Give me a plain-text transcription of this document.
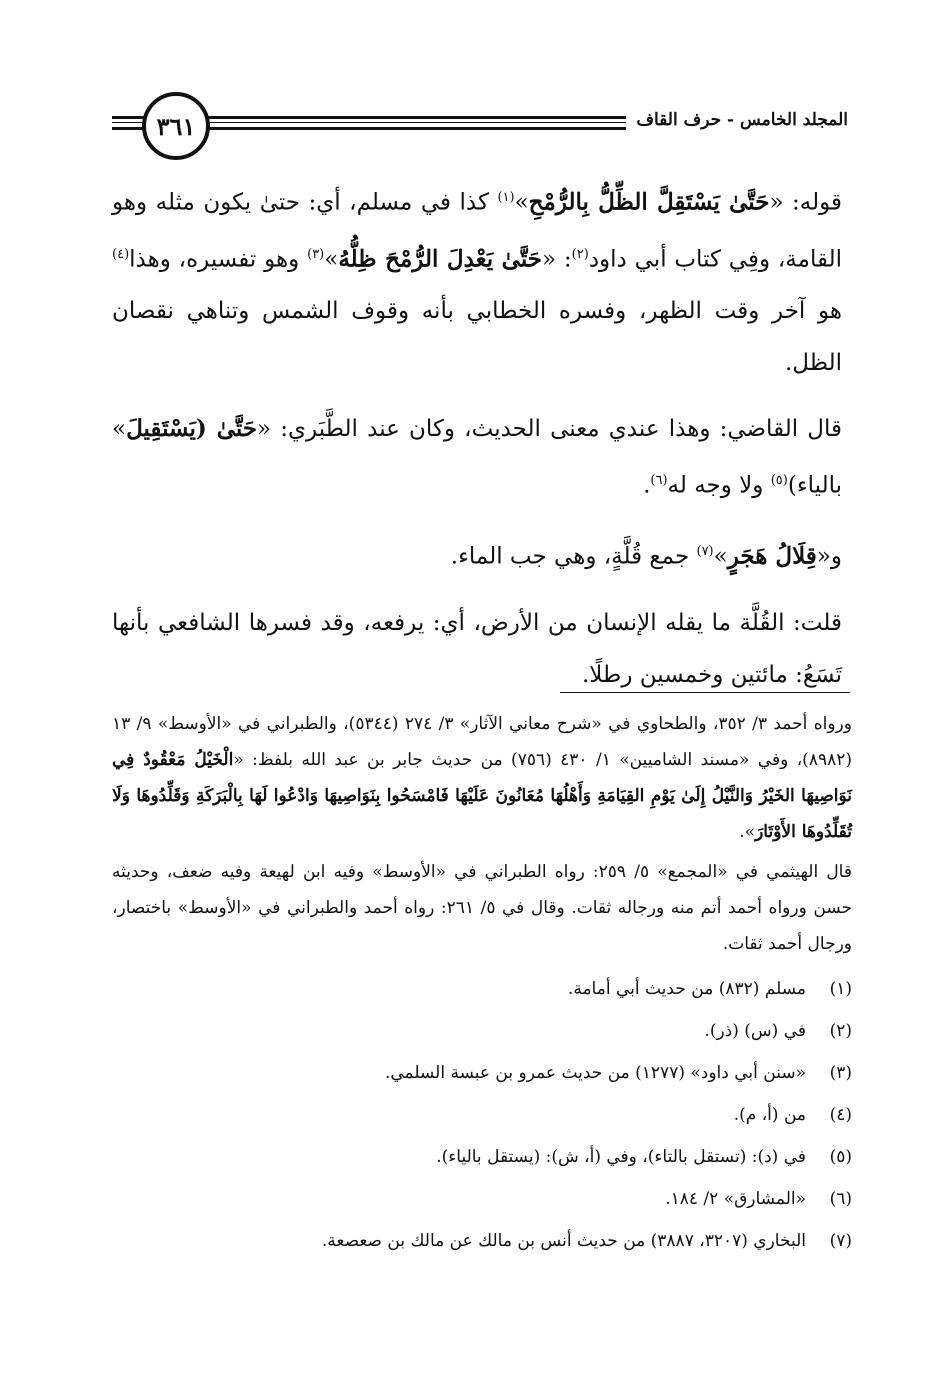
المجلد الخامس - حرف القاف
٣٦١

قوله: «حَتَّىٰ يَسْتَقِلَّ الظِّلُّ بِالرُّمْحِ»$^{(١)}$ كذا في مسلم، أي: حتىٰ يكون مثله وهو القامة، وفِي كتاب أبي داود$^{(٢)}$: «حَتَّىٰ يَعْدِلَ الرُّمْحَ ظِلُّهُ»$^{(٣)}$ وهو تفسيره، وهذا$^{(٤)}$ هو آخر وقت الظهر، وفسره الخطابي بأنه وقوف الشمس وتناهي نقصان الظل.

قال القاضي: وهذا عندي معنى الحديث، وكان عند الطَّبَري: «حَتَّىٰ (يَسْتَقِيلَ» بالياء)$^{(٥)}$ ولا وجه له$^{(٦)}$.

و«قِلَالُ هَجَرٍ»$^{(٧)}$ جمع قُلَّةٍ، وهي جب الماء.

قلت: القُلَّة ما يقله الإنسان من الأرض، أي: يرفعه، وقد فسرها الشافعي بأنها تَسَعُ: مائتين وخمسين رطلًا.

ورواه أحمد ٣/ ٣٥٢، والطحاوي في «شرح معاني الآثار» ٣/ ٢٧٤ (٥٣٤٤)، والطبراني في «الأوسط» ٩/ ١٣ (٨٩٨٢)، وفي «مسند الشاميين» ١/ ٤٣٠ (٧٥٦) من حديث جابر بن عبد الله بلفظ: «الْخَيْلُ مَعْقُودٌ فِي نَوَاصِيهَا الخَيْرُ وَالنَّيْلُ إِلَىٰ يَوْمِ القِيَامَةِ وَأَهْلُهَا مُعَانُونَ عَلَيْهَا فَامْسَحُوا بِنَوَاصِيهَا وَادْعُوا لَهَا بِالْبَرَكَةِ وَقَلِّدُوهَا وَلَا تُقَلِّدُوهَا الأَوْتَارَ».

قال الهيثمي في «المجمع» ٥/ ٢٥٩: رواه الطبراني في «الأوسط» وفيه ابن لهيعة وفيه ضعف، وحديثه حسن ورواه أحمد أتم منه ورجاله ثقات. وقال في ٥/ ٢٦١: رواه أحمد والطبراني في «الأوسط» باختصار، ورجال أحمد ثقات.

(١)
مسلم (٨٣٢) من حديث أبي أمامة.
(٢)
في (س) (ذر).
(٣)
«سنن أبي داود» (١٢٧٧) من حديث عمرو بن عبسة السلمي.
(٤)
من (أ، م).
(٥)
في (د): (تستقل بالتاء)، وفي (أ، ش): (يستقل بالياء).
(٦)
«المشارق» ٢/ ١٨٤.
(٧)
البخاري (٣٢٠٧، ٣٨٨٧) من حديث أنس بن مالك عن مالك بن صعصعة.
